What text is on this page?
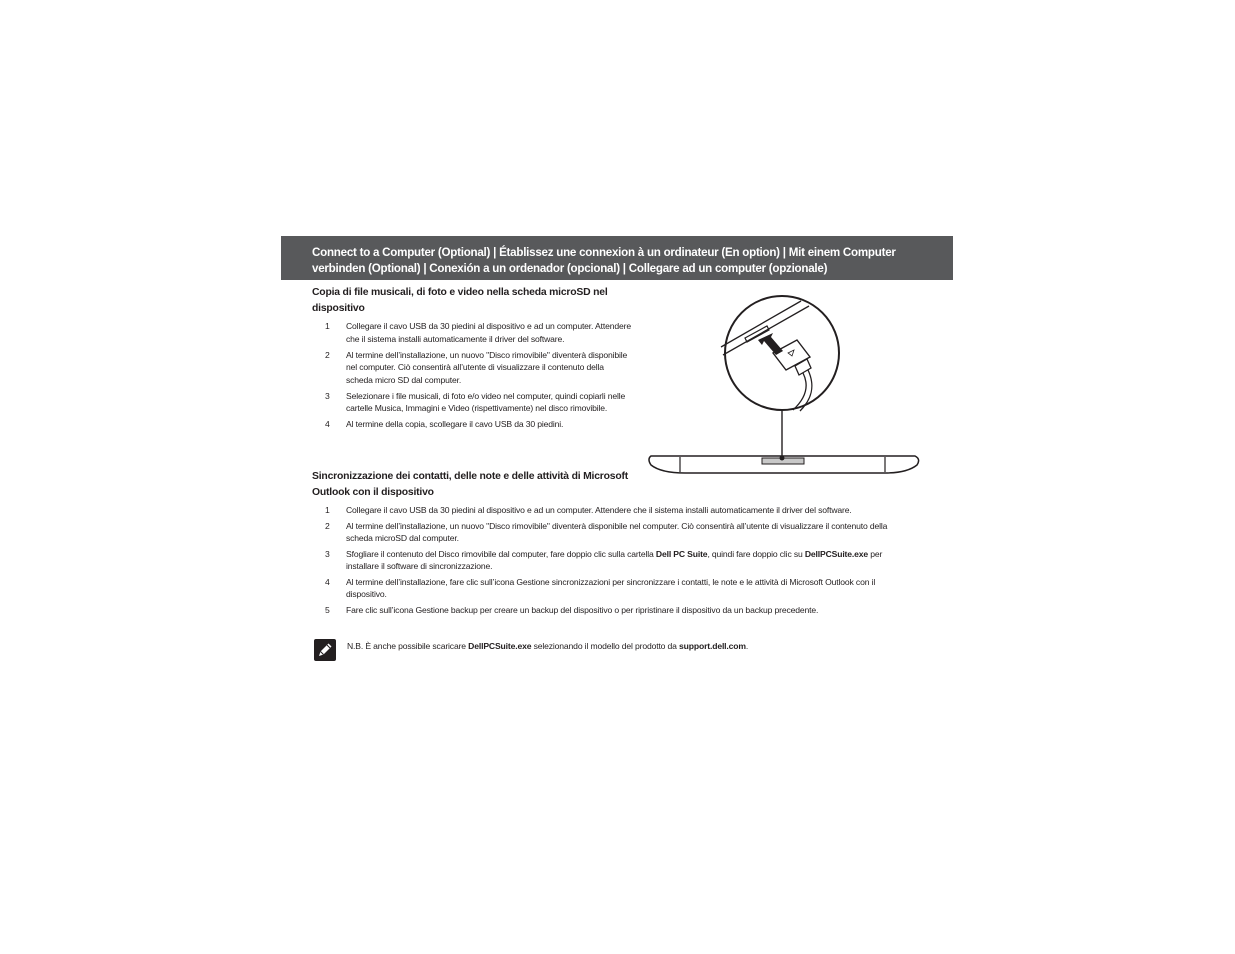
Connect to a Computer (Optional) | Établissez une connexion à un ordinateur (En option) | Mit einem Computer verbinden (Optional) | Conexión a un ordenador (opcional) | Collegare ad un computer (opzionale)
Copia di file musicali, di foto e video nella scheda microSD nel dispositivo
1 Collegare il cavo USB da 30 piedini al dispositivo e ad un computer. Attendere che il sistema installi automaticamente il driver del software.
2 Al termine dell’installazione, un nuovo "Disco rimovibile" diventerà disponibile nel computer. Ciò consentirà all’utente di visualizzare il contenuto della scheda micro SD dal computer.
3 Selezionare i file musicali, di foto e/o video nel computer, quindi copiarli nelle cartelle Musica, Immagini e Video (rispettivamente) nel disco rimovibile.
4 Al termine della copia, scollegare il cavo USB da 30 piedini.
Sincronizzazione dei contatti, delle note e delle attività di Microsoft Outlook con il dispositivo
1 Collegare il cavo USB da 30 piedini al dispositivo e ad un computer. Attendere che il sistema installi automaticamente il driver del software.
2 Al termine dell’installazione, un nuovo "Disco rimovibile" diventerà disponibile nel computer. Ciò consentirà all’utente di visualizzare il contenuto della scheda microSD dal computer.
3 Sfogliare il contenuto del Disco rimovibile dal computer, fare doppio clic sulla cartella Dell PC Suite, quindi fare doppio clic su DellPCSuite.exe per installare il software di sincronizzazione.
4 Al termine dell’installazione, fare clic sull’icona Gestione sincronizzazioni per sincronizzare i contatti, le note e le attività di Microsoft Outlook con il dispositivo.
5 Fare clic sull’icona Gestione backup per creare un backup del dispositivo o per ripristinare il dispositivo da un backup precedente.
N.B. È anche possibile scaricare DellPCSuite.exe selezionando il modello del prodotto da support.dell.com.
